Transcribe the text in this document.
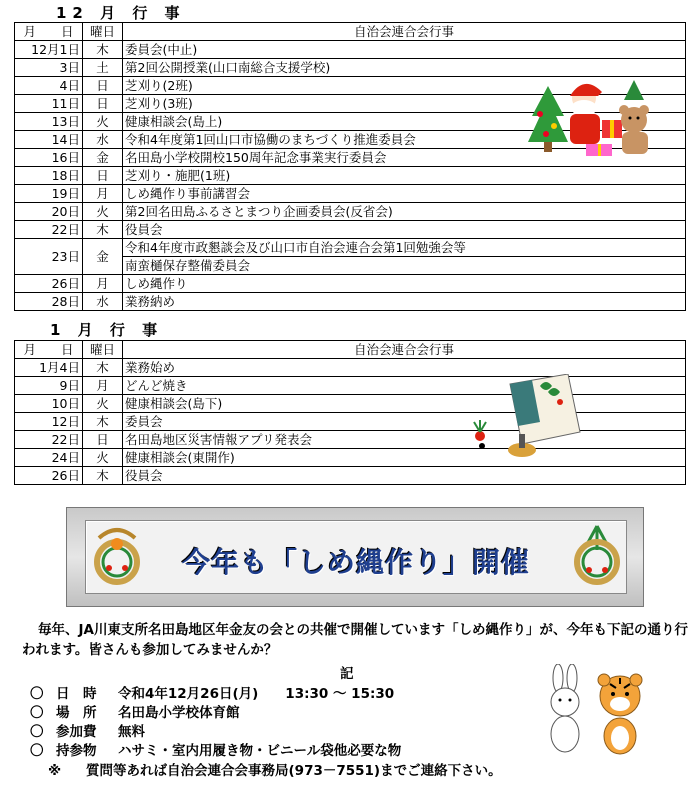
12 月 行 事
月　　日	曜日	自治会連合会行事
12月1日	木	委員会(中止)
3日	土	第2回公開授業(山口南総合支援学校)
4日	日	芝刈り(2班)
11日	日	芝刈り(3班)
13日	火	健康相談会(島上)
14日	水	令和4年度第1回山口市協働のまちづくり推進委員会
16日	金	名田島小学校開校150周年記念事業実行委員会
18日	日	芝刈り・施肥(1班)
19日	月	しめ縄作り事前講習会
20日	火	第2回名田島ふるさとまつり企画委員会(反省会)
22日	木	役員会
23日	金	令和4年度市政懇談会及び山口市自治会連合会第1回勉強会等
		南蛮樋保存整備委員会
26日	月	しめ縄作り
28日	水	業務納め
1 月 行 事
月　　日	曜日	自治会連合会行事
1月4日	木	業務始め
9日	月	どんど焼き
10日	火	健康相談会(島下)
12日	木	委員会
22日	日	名田島地区災害情報アプリ発表会
24日	火	健康相談会(東開作)
26日	木	役員会
今年も「しめ縄作り」開催
毎年、JA川東支所名田島地区年金友の会との共催で開催しています「しめ縄作り」が、今年も下記の通り行われます。皆さんも参加してみませんか？
記
〇 日　時 令和4年12月26日(月)　　13:30 ～ 15:30
〇 場　所 名田島小学校体育館
〇 参加費 無料
〇 持参物 ハサミ・室内用履き物・ビニール袋他必要な物
※ 質問等あれば自治会連合会事務局(973－7551)までご連絡下さい。
